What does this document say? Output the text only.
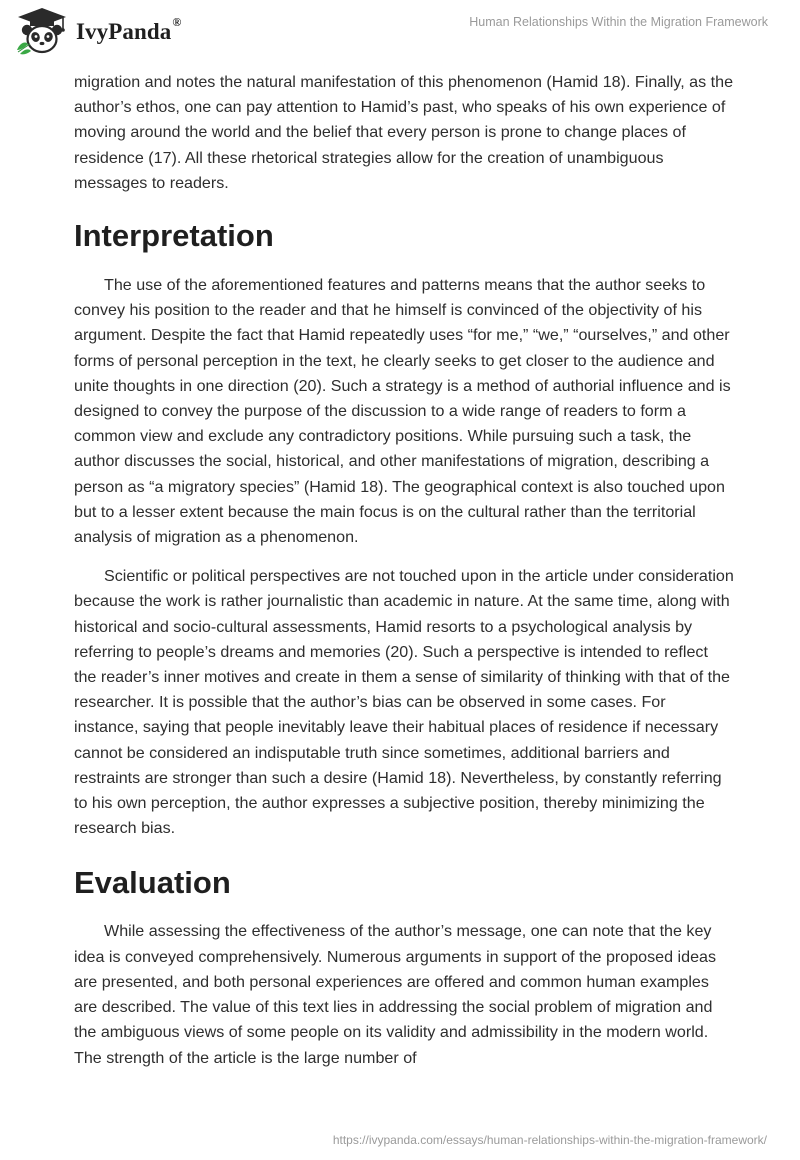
IvyPanda®	Human Relationships Within the Migration Framework

migration and notes the natural manifestation of this phenomenon (Hamid 18). Finally, as the author’s ethos, one can pay attention to Hamid’s past, who speaks of his own experience of moving around the world and the belief that every person is prone to change places of residence (17). All these rhetorical strategies allow for the creation of unambiguous messages to readers.

Interpretation

The use of the aforementioned features and patterns means that the author seeks to convey his position to the reader and that he himself is convinced of the objectivity of his argument. Despite the fact that Hamid repeatedly uses “for me,” “we,” “ourselves,” and other forms of personal perception in the text, he clearly seeks to get closer to the audience and unite thoughts in one direction (20). Such a strategy is a method of authorial influence and is designed to convey the purpose of the discussion to a wide range of readers to form a common view and exclude any contradictory positions. While pursuing such a task, the author discusses the social, historical, and other manifestations of migration, describing a person as “a migratory species” (Hamid 18). The geographical context is also touched upon but to a lesser extent because the main focus is on the cultural rather than the territorial analysis of migration as a phenomenon.

Scientific or political perspectives are not touched upon in the article under consideration because the work is rather journalistic than academic in nature. At the same time, along with historical and socio-cultural assessments, Hamid resorts to a psychological analysis by referring to people’s dreams and memories (20). Such a perspective is intended to reflect the reader’s inner motives and create in them a sense of similarity of thinking with that of the researcher. It is possible that the author’s bias can be observed in some cases. For instance, saying that people inevitably leave their habitual places of residence if necessary cannot be considered an indisputable truth since sometimes, additional barriers and restraints are stronger than such a desire (Hamid 18). Nevertheless, by constantly referring to his own perception, the author expresses a subjective position, thereby minimizing the research bias.

Evaluation

While assessing the effectiveness of the author’s message, one can note that the key idea is conveyed comprehensively. Numerous arguments in support of the proposed ideas are presented, and both personal experiences are offered and common human examples are described. The value of this text lies in addressing the social problem of migration and the ambiguous views of some people on its validity and admissibility in the modern world. The strength of the article is the large number of

https://ivypanda.com/essays/human-relationships-within-the-migration-framework/
